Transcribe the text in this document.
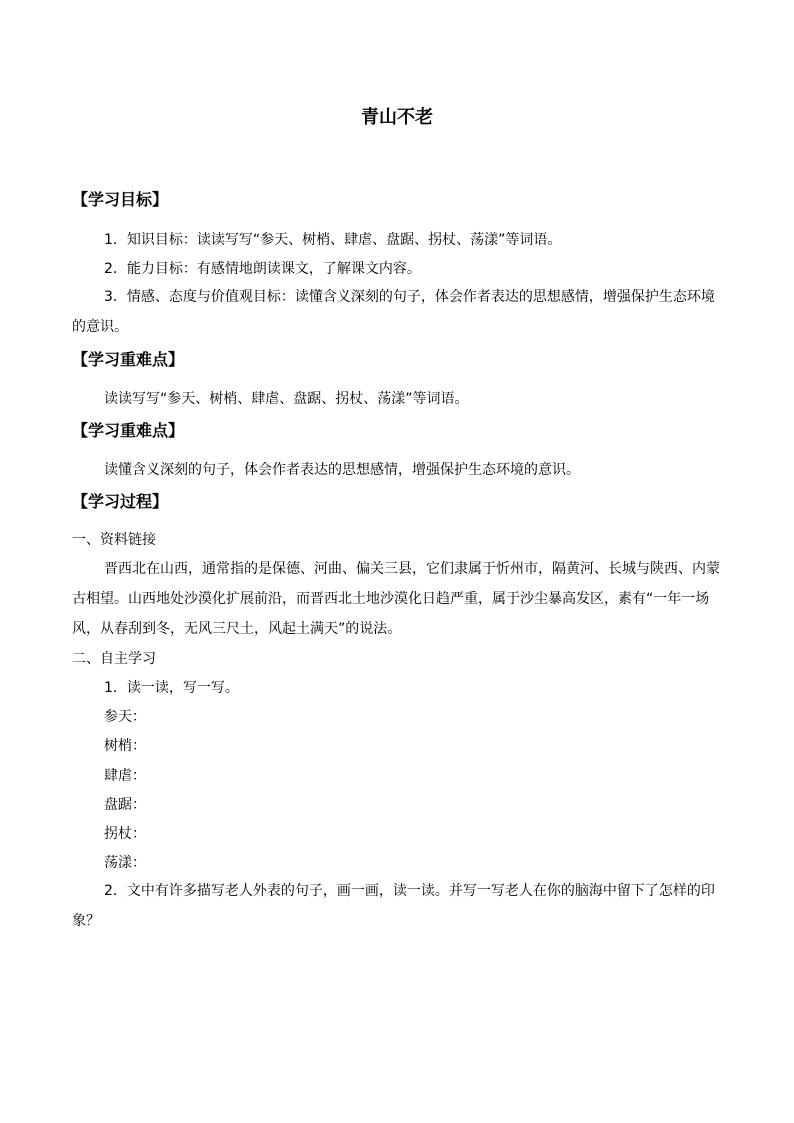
青山不老
【学习目标】
1．知识目标：读读写写“参天、树梢、肆虐、盘踞、拐杖、荡漾”等词语。
2．能力目标：有感情地朗读课文，了解课文内容。
3．情感、态度与价值观目标：读懂含义深刻的句子，体会作者表达的思想感情，增强保护生态环境的意识。
【学习重难点】
读读写写“参天、树梢、肆虐、盘踞、拐杖、荡漾”等词语。
【学习重难点】
读懂含义深刻的句子，体会作者表达的思想感情，增强保护生态环境的意识。
【学习过程】
一、资料链接
晋西北在山西，通常指的是保德、河曲、偏关三县，它们隶属于忻州市，隔黄河、长城与陕西、内蒙古相望。山西地处沙漠化扩展前沿，而晋西北土地沙漠化日趋严重，属于沙尘暴高发区，素有“一年一场风，从春刮到冬，无风三尺土，风起土满天”的说法。
二、自主学习
1．读一读，写一写。
参天：
树梢：
肆虐：
盘踞：
拐杖：
荡漾：
2．文中有许多描写老人外表的句子，画一画，读一读。并写一写老人在你的脑海中留下了怎样的印象？
